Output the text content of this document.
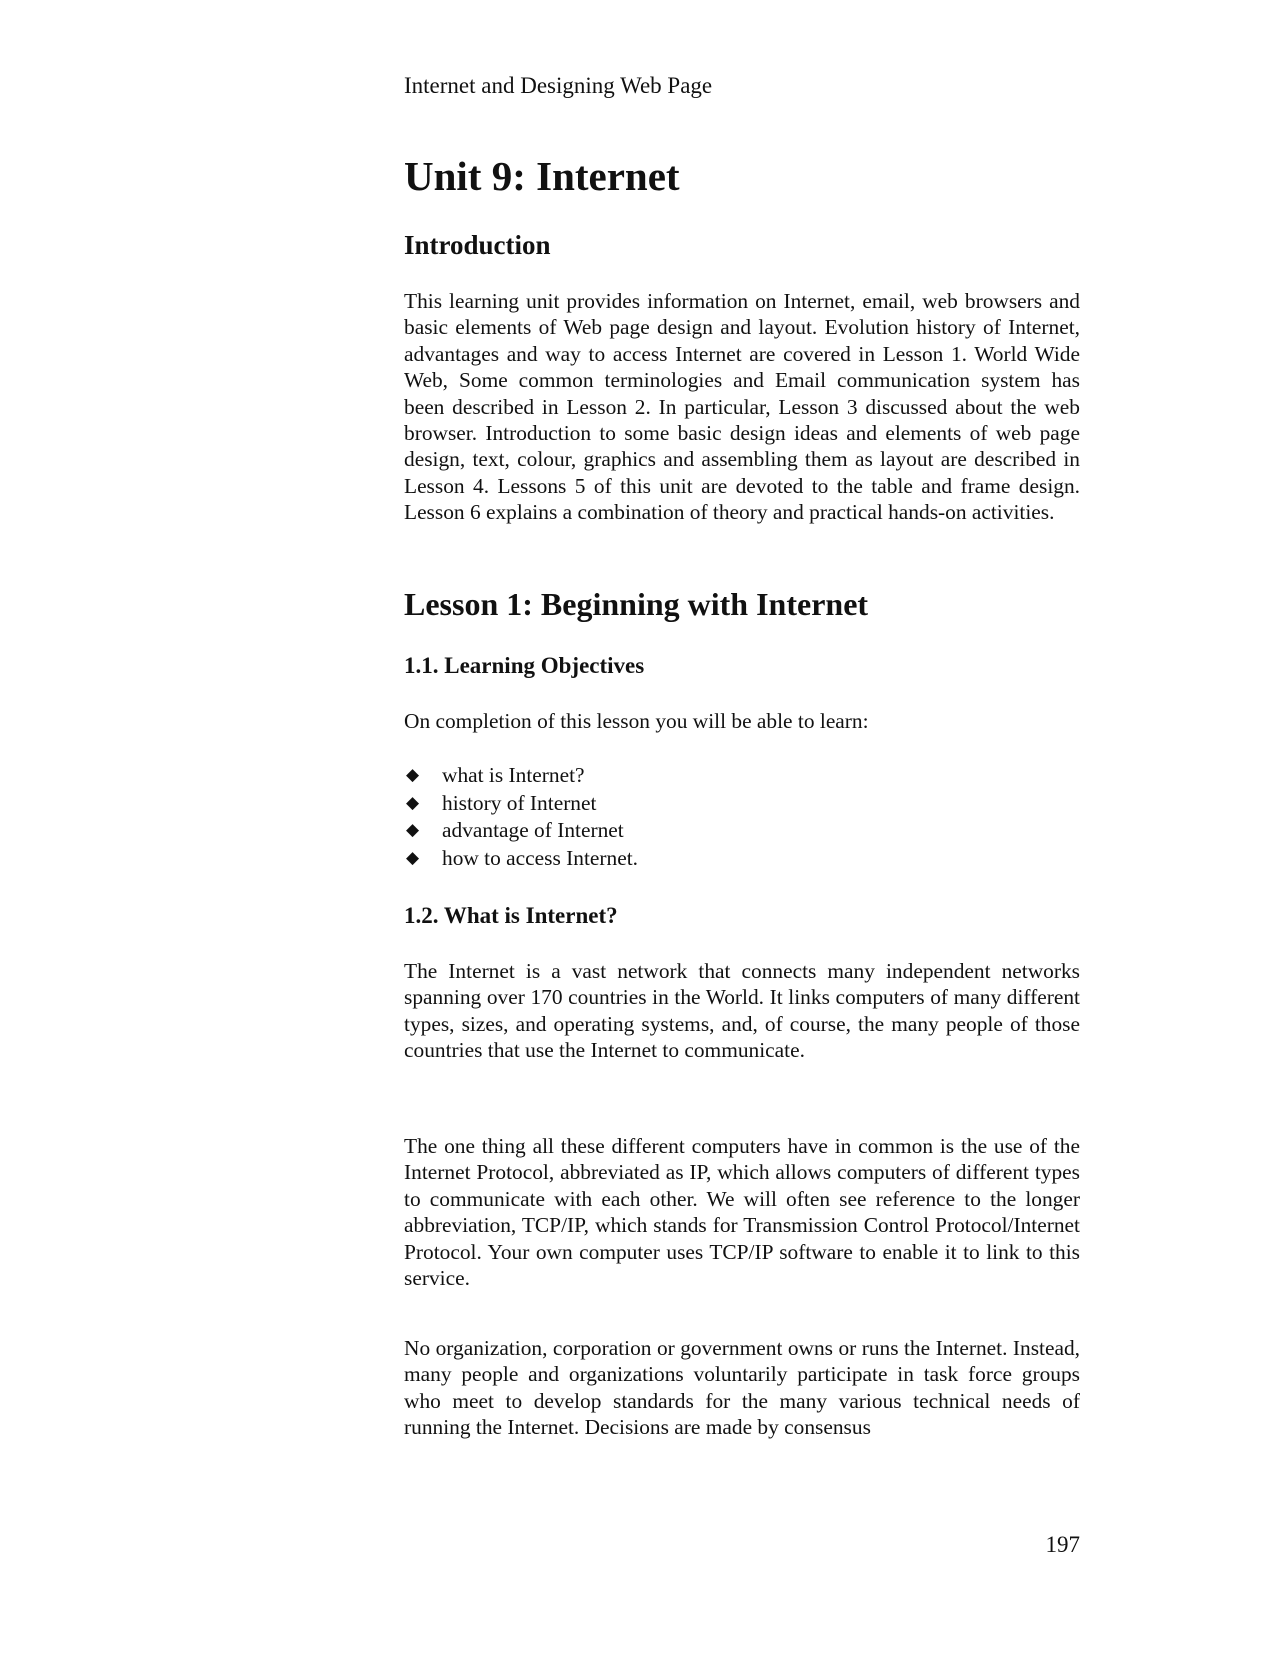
Internet and Designing Web Page

Unit 9: Internet
Introduction

This learning unit provides information on Internet, email, web browsers and basic elements of Web page design and layout. Evolution history of Internet, advantages and way to access Internet are covered in Lesson 1. World Wide Web, Some common terminologies and Email communication system has been described in Lesson 2. In particular, Lesson 3 discussed about the web browser. Introduction to some basic design ideas and elements of web page design, text, colour, graphics and assembling them as layout are described in Lesson 4. Lessons 5 of this unit are devoted to the table and frame design. Lesson 6 explains a combination of theory and practical hands-on activities.

Lesson 1: Beginning with Internet
1.1. Learning Objectives

On completion of this lesson you will be able to learn:

◆ what is Internet?
◆ history of Internet
◆ advantage of Internet
◆ how to access Internet.
1.2. What is Internet?

The Internet is a vast network that connects many independent networks spanning over 170 countries in the World. It links computers of many different types, sizes, and operating systems, and, of course, the many people of those countries that use the Internet to communicate.

The one thing all these different computers have in common is the use of the Internet Protocol, abbreviated as IP, which allows computers of different types to communicate with each other. We will often see reference to the longer abbreviation, TCP/IP, which stands for Transmission Control Protocol/Internet Protocol. Your own computer uses TCP/IP software to enable it to link to this service.

No organization, corporation or government owns or runs the Internet. Instead, many people and organizations voluntarily participate in task force groups who meet to develop standards for the many various technical needs of running the Internet. Decisions are made by consensus

197
